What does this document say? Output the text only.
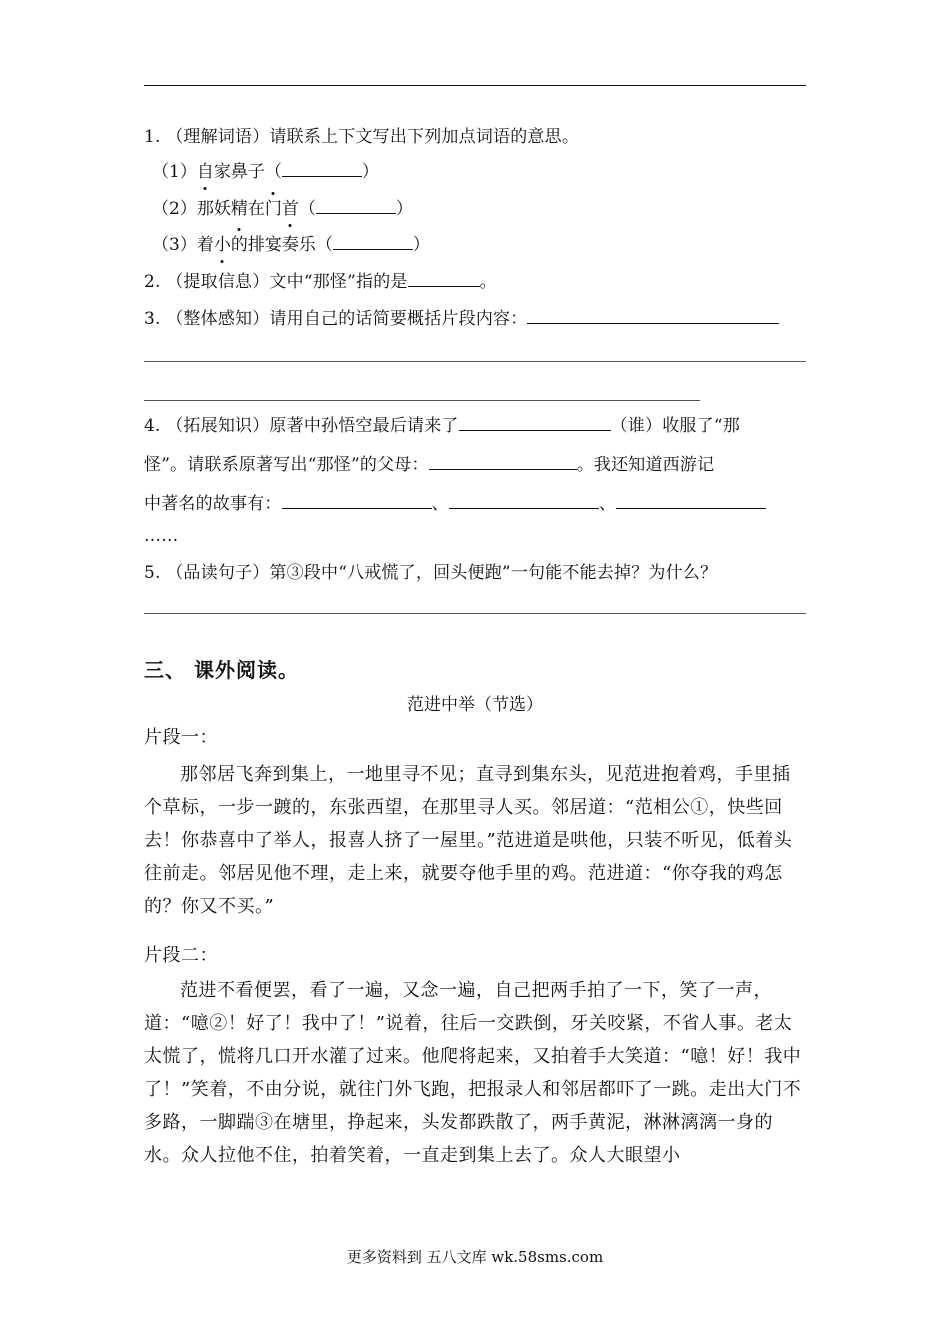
1. （理解词语）请联系上下文写出下列加点词语的意思。
（1）自家鼻子（	）
（2）那妖精在门首（	）
（3）着小的排宴奏乐（	）
2. （提取信息）文中“那怪”指的是	。
3. （整体感知）请用自己的话简要概括片段内容：
4. （拓展知识）原著中孙悟空最后请来了	（谁）收服了“那
怪”。请联系原著写出“那怪”的父母：	。我还知道西游记
中著名的故事有：	、	、
……
5. （品读句子）第③段中“八戒慌了，回头便跑”一句能不能去掉？为什么？
三、 课外阅读。
范进中举（节选）
片段一：
那邻居飞奔到集上，一地里寻不见；直寻到集东头，见范进抱着鸡，手里插个草标，一步一踱的，东张西望，在那里寻人买。邻居道：“范相公①，快些回去！你恭喜中了举人，报喜人挤了一屋里。”范进道是哄他，只装不听见，低着头往前走。邻居见他不理，走上来，就要夺他手里的鸡。范进道：“你夺我的鸡怎的？你又不买。”
片段二：
范进不看便罢，看了一遍，又念一遍，自己把两手拍了一下，笑了一声，道：“噫②！好了！我中了！”说着，往后一交跌倒，牙关咬紧，不省人事。老太太慌了，慌将几口开水灌了过来。他爬将起来，又拍着手大笑道：“噫！好！我中了！”笑着，不由分说，就往门外飞跑，把报录人和邻居都吓了一跳。走出大门不多路，一脚踹③在塘里，挣起来，头发都跌散了，两手黄泥，淋淋漓漓一身的水。众人拉他不住，拍着笑着，一直走到集上去了。众人大眼望小
更多资料到 五八文库 wk.58sms.com
